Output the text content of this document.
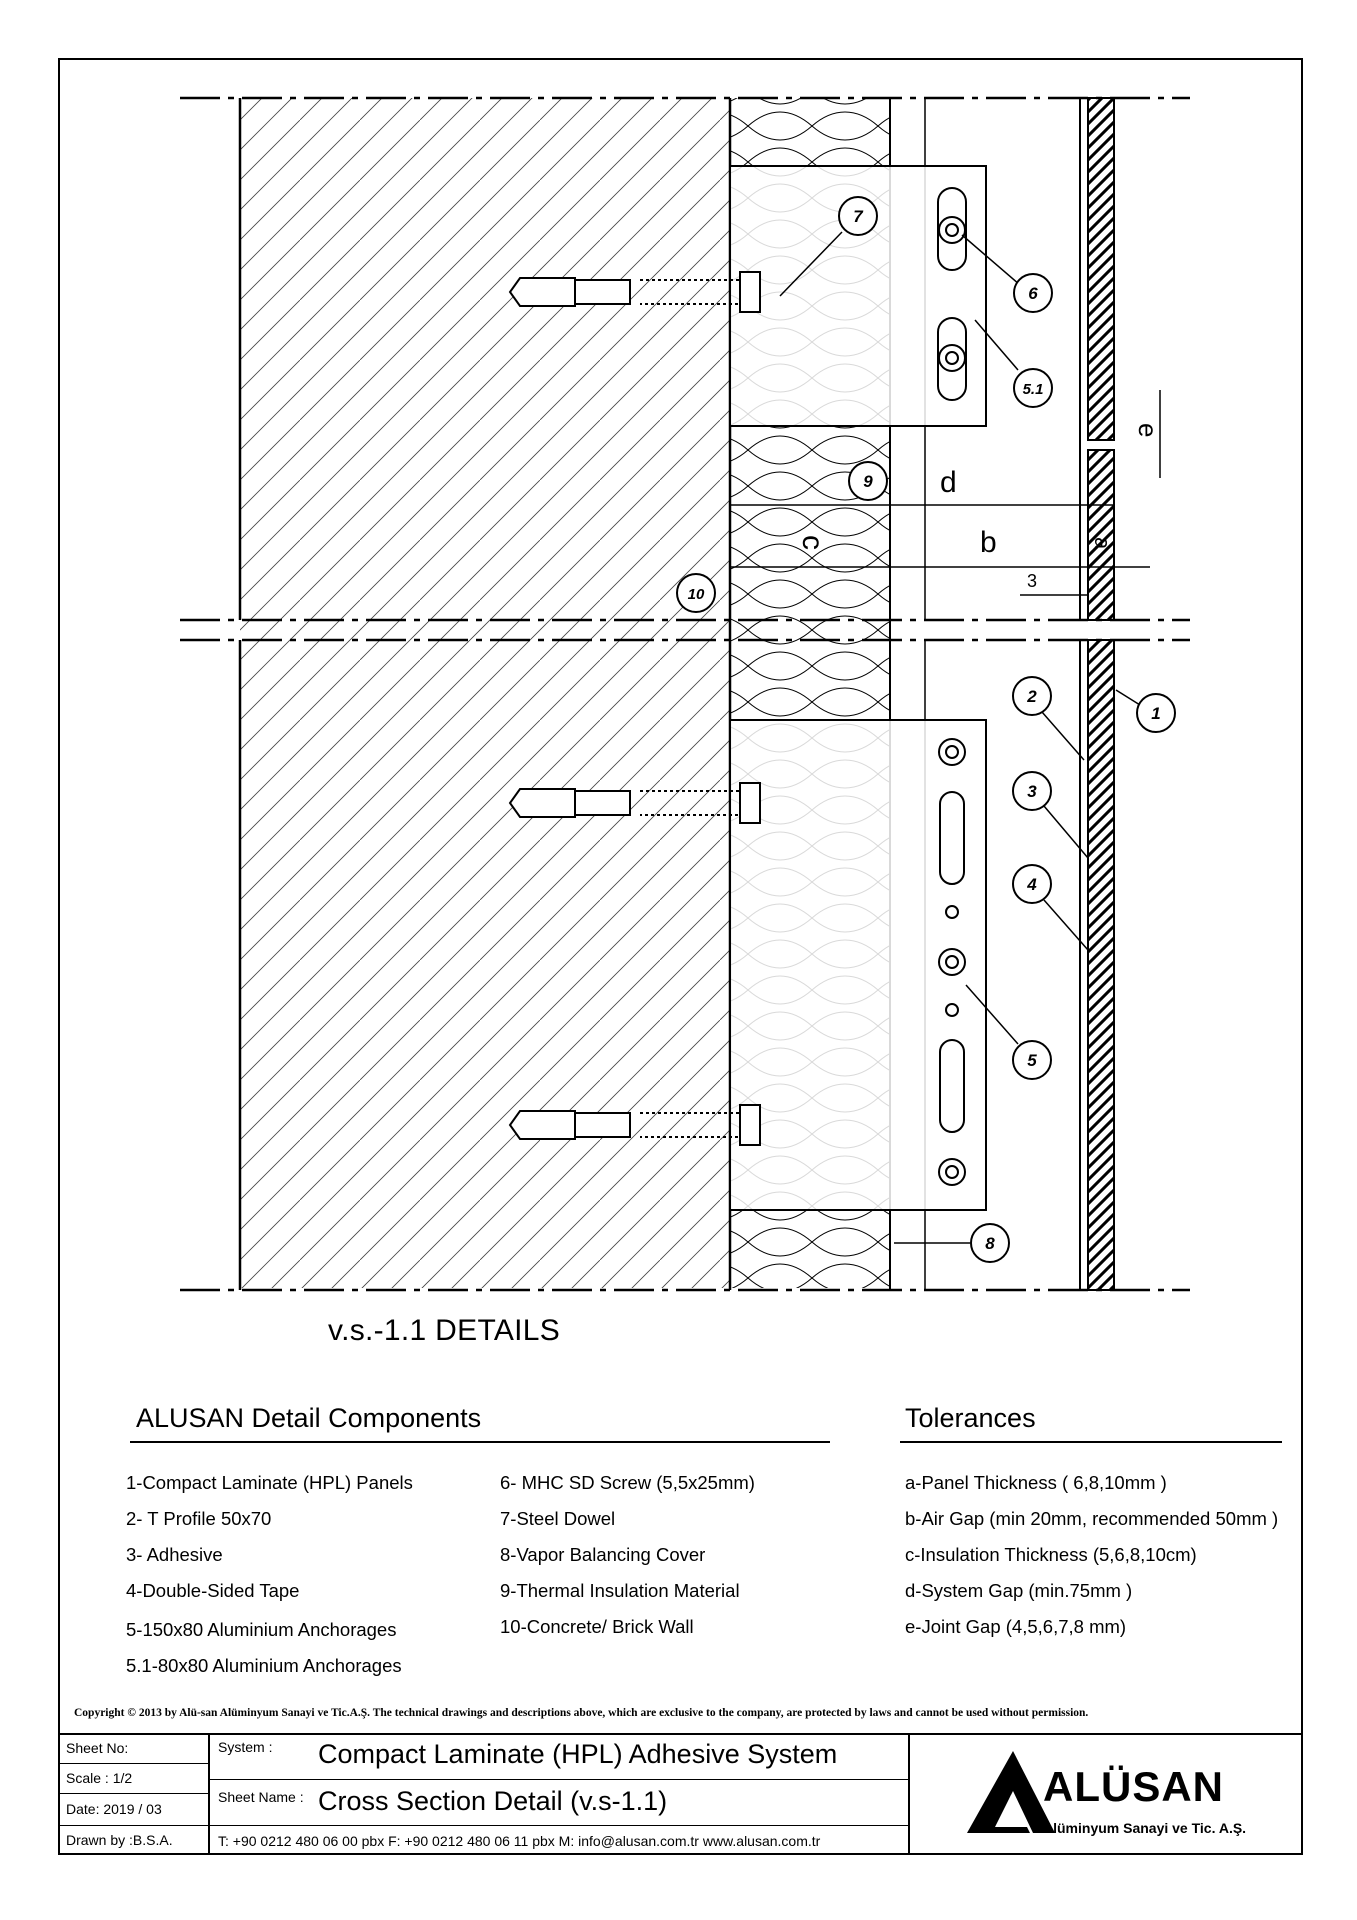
d
b
c	a
e
3
7
6
5.1
9
10
2
1
3
4
5
8
v.s.-1.1 DETAILS
ALUSAN Detail Components	Tolerances
1-Compact Laminate (HPL) Panels
2- T Profile 50x70
3- Adhesive
4-Double-Sided Tape
5-150x80 Aluminium Anchorages
5.1-80x80 Aluminium Anchorages
6- MHC SD Screw (5,5x25mm)
7-Steel Dowel
8-Vapor Balancing Cover
9-Thermal Insulation Material
10-Concrete/ Brick Wall
a-Panel Thickness ( 6,8,10mm )
b-Air Gap (min 20mm, recommended 50mm )
c-Insulation Thickness (5,6,8,10cm)
d-System Gap (min.75mm )
e-Joint Gap (4,5,6,7,8 mm)
Copyright © 2013 by Alü-san Alüminyum Sanayi ve Tic.A.Ş. The technical drawings and descriptions above, which are exclusive to the company, are protected by laws and cannot be used without permission.
Sheet No:
Scale : 1/2
Date: 2019 / 03
Drawn by :B.S.A.
System : Compact Laminate (HPL) Adhesive System
Sheet Name : Cross Section Detail (v.s-1.1)
T: +90 0212 480 06 00 pbx F: +90 0212 480 06 11 pbx M: info@alusan.com.tr www.alusan.com.tr
ALÜSAN
Alüminyum Sanayi ve Tic. A.Ş.
